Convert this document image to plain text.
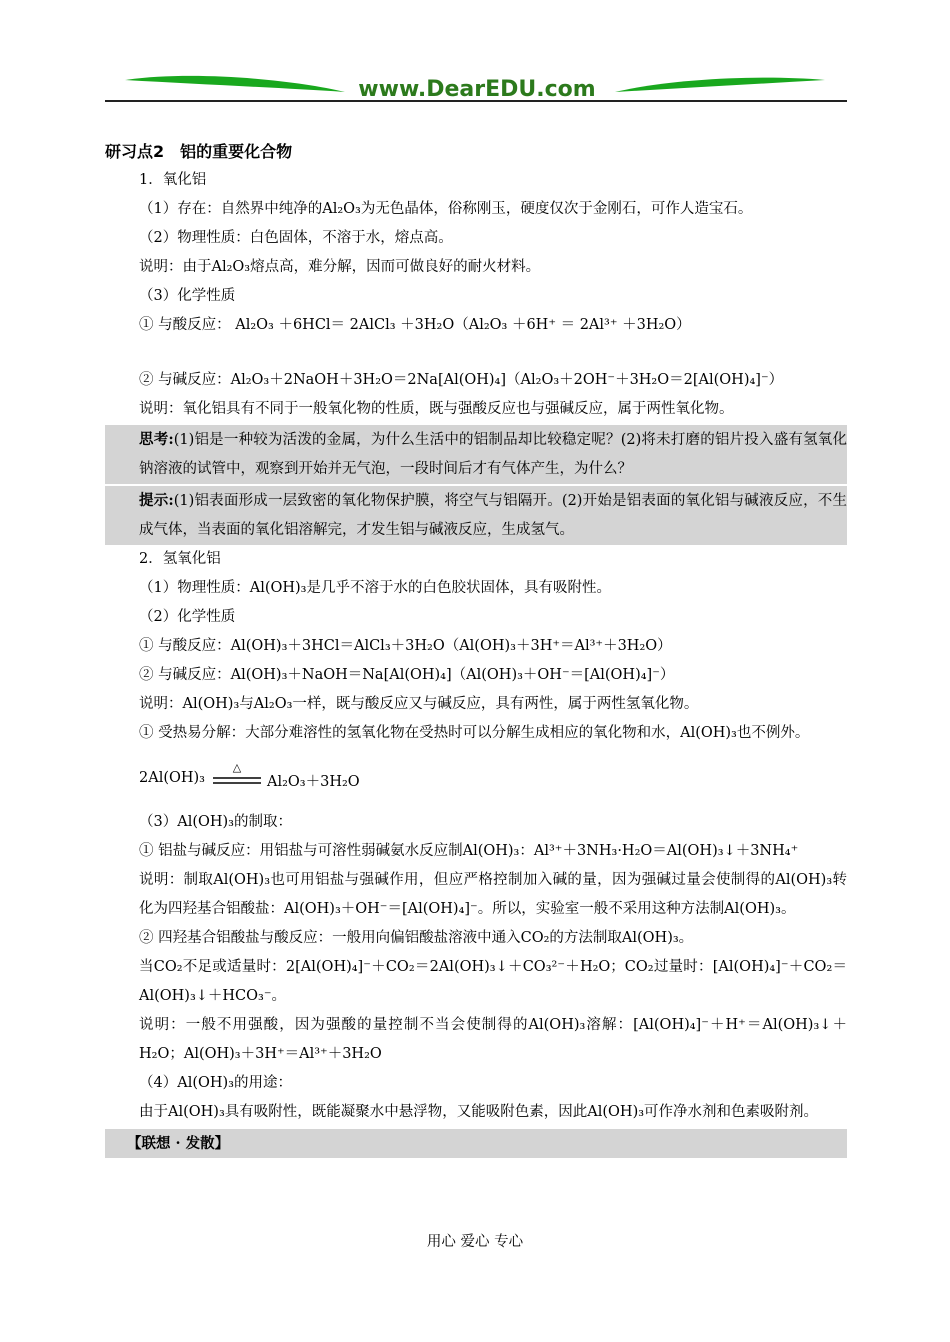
www.DearEDU.com
研习点2　铝的重要化合物
1．氧化铝
（1）存在：自然界中纯净的Al₂O₃为无色晶体，俗称刚玉，硬度仅次于金刚石，可作人造宝石。
（2）物理性质：白色固体，不溶于水，熔点高。
说明：由于Al₂O₃熔点高，难分解，因而可做良好的耐火材料。
（3）化学性质
① 与酸反应： Al₂O₃ ＋6HCl＝ 2AlCl₃ ＋3H₂O（Al₂O₃ ＋6H⁺ ＝ 2Al³⁺ ＋3H₂O）
② 与碱反应：Al₂O₃＋2NaOH＋3H₂O＝2Na[Al(OH)₄]（Al₂O₃＋2OH⁻＋3H₂O＝2[Al(OH)₄]⁻）
说明：氧化铝具有不同于一般氧化物的性质，既与强酸反应也与强碱反应，属于两性氧化物。
思考:(1)铝是一种较为活泼的金属，为什么生活中的铝制品却比较稳定呢？(2)将未打磨的铝片投入盛有氢氧化钠溶液的试管中，观察到开始并无气泡，一段时间后才有气体产生，为什么？
提示:(1)铝表面形成一层致密的氧化物保护膜，将空气与铝隔开。(2)开始是铝表面的氧化铝与碱液反应，不生成气体，当表面的氧化铝溶解完，才发生铝与碱液反应，生成氢气。
2．氢氧化铝
（1）物理性质：Al(OH)₃是几乎不溶于水的白色胶状固体，具有吸附性。
（2）化学性质
① 与酸反应：Al(OH)₃＋3HCl＝AlCl₃＋3H₂O（Al(OH)₃＋3H⁺＝Al³⁺＋3H₂O）
② 与碱反应：Al(OH)₃＋NaOH＝Na[Al(OH)₄]（Al(OH)₃＋OH⁻＝[Al(OH)₄]⁻）
说明：Al(OH)₃与Al₂O₃一样，既与酸反应又与碱反应，具有两性，属于两性氢氧化物。
① 受热易分解：大部分难溶性的氢氧化物在受热时可以分解生成相应的氧化物和水，Al(OH)₃也不例外。
2Al(OH)₃
△
Al₂O₃＋3H₂O
（3）Al(OH)₃的制取：
① 铝盐与碱反应：用铝盐与可溶性弱碱氨水反应制Al(OH)₃：Al³⁺＋3NH₃·H₂O＝Al(OH)₃↓＋3NH₄⁺
说明：制取Al(OH)₃也可用铝盐与强碱作用，但应严格控制加入碱的量，因为强碱过量会使制得的Al(OH)₃转化为四羟基合铝酸盐：Al(OH)₃＋OH⁻＝[Al(OH)₄]⁻。所以，实验室一般不采用这种方法制Al(OH)₃。
② 四羟基合铝酸盐与酸反应：一般用向偏铝酸盐溶液中通入CO₂的方法制取Al(OH)₃。
当CO₂不足或适量时：2[Al(OH)₄]⁻＋CO₂＝2Al(OH)₃↓＋CO₃²⁻＋H₂O；CO₂过量时：[Al(OH)₄]⁻＋CO₂＝Al(OH)₃↓＋HCO₃⁻。
说明：一般不用强酸，因为强酸的量控制不当会使制得的Al(OH)₃溶解：[Al(OH)₄]⁻＋H⁺＝Al(OH)₃↓＋H₂O；Al(OH)₃＋3H⁺＝Al³⁺＋3H₂O
（4）Al(OH)₃的用途：
由于Al(OH)₃具有吸附性，既能凝聚水中悬浮物，又能吸附色素，因此Al(OH)₃可作净水剂和色素吸附剂。
【联想 · 发散】
用心 爱心 专心
